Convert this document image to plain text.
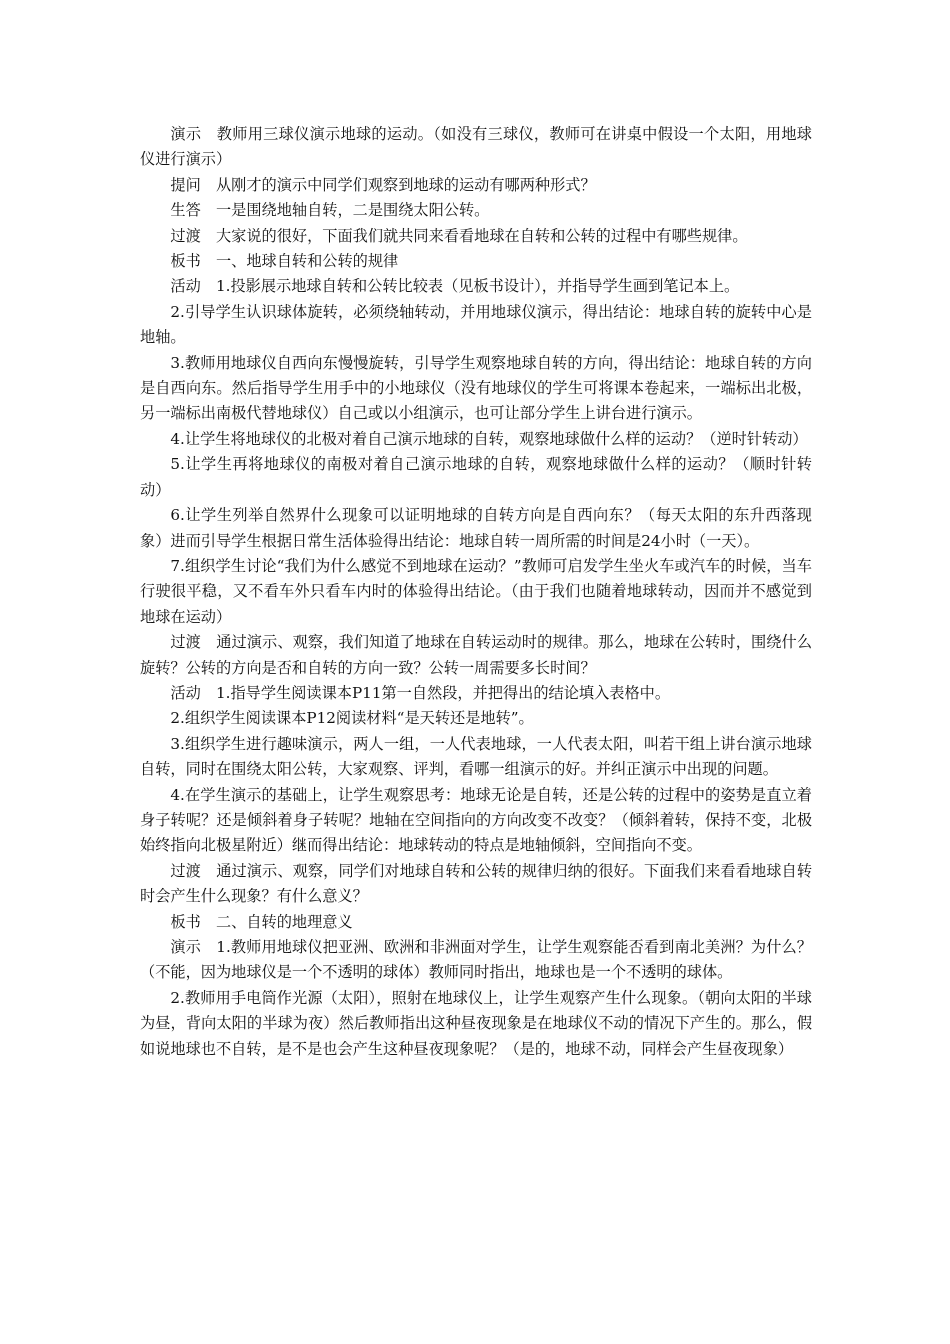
演示　教师用三球仪演示地球的运动。（如没有三球仪，教师可在讲桌中假设一个太阳，用地球仪进行演示）

提问　从刚才的演示中同学们观察到地球的运动有哪两种形式？

生答　一是围绕地轴自转，二是围绕太阳公转。

过渡　大家说的很好，下面我们就共同来看看地球在自转和公转的过程中有哪些规律。

板书　一、地球自转和公转的规律

活动　1.投影展示地球自转和公转比较表（见板书设计），并指导学生画到笔记本上。

2.引导学生认识球体旋转，必须绕轴转动，并用地球仪演示，得出结论：地球自转的旋转中心是地轴。

3.教师用地球仪自西向东慢慢旋转，引导学生观察地球自转的方向，得出结论：地球自转的方向是自西向东。然后指导学生用手中的小地球仪（没有地球仪的学生可将课本卷起来，一端标出北极，另一端标出南极代替地球仪）自己或以小组演示，也可让部分学生上讲台进行演示。

4.让学生将地球仪的北极对着自己演示地球的自转，观察地球做什么样的运动？（逆时针转动）

5.让学生再将地球仪的南极对着自己演示地球的自转，观察地球做什么样的运动？（顺时针转动）

6.让学生列举自然界什么现象可以证明地球的自转方向是自西向东？（每天太阳的东升西落现象）进而引导学生根据日常生活体验得出结论：地球自转一周所需的时间是24小时（一天）。

7.组织学生讨论“我们为什么感觉不到地球在运动？”教师可启发学生坐火车或汽车的时候，当车行驶很平稳，又不看车外只看车内时的体验得出结论。（由于我们也随着地球转动，因而并不感觉到地球在运动）

过渡　通过演示、观察，我们知道了地球在自转运动时的规律。那么，地球在公转时，围绕什么旋转？公转的方向是否和自转的方向一致？公转一周需要多长时间？

活动　1.指导学生阅读课本P11第一自然段，并把得出的结论填入表格中。

2.组织学生阅读课本P12阅读材料“是天转还是地转”。

3.组织学生进行趣味演示，两人一组，一人代表地球，一人代表太阳，叫若干组上讲台演示地球自转，同时在围绕太阳公转，大家观察、评判，看哪一组演示的好。并纠正演示中出现的问题。

4.在学生演示的基础上，让学生观察思考：地球无论是自转，还是公转的过程中的姿势是直立着身子转呢？还是倾斜着身子转呢？地轴在空间指向的方向改变不改变？（倾斜着转，保持不变，北极始终指向北极星附近）继而得出结论：地球转动的特点是地轴倾斜，空间指向不变。

过渡　通过演示、观察，同学们对地球自转和公转的规律归纳的很好。下面我们来看看地球自转时会产生什么现象？有什么意义？

板书　二、自转的地理意义

演示　1.教师用地球仪把亚洲、欧洲和非洲面对学生，让学生观察能否看到南北美洲？为什么？（不能，因为地球仪是一个不透明的球体）教师同时指出，地球也是一个不透明的球体。

2.教师用手电筒作光源（太阳），照射在地球仪上，让学生观察产生什么现象。（朝向太阳的半球为昼，背向太阳的半球为夜）然后教师指出这种昼夜现象是在地球仪不动的情况下产生的。那么，假如说地球也不自转，是不是也会产生这种昼夜现象呢？（是的，地球不动，同样会产生昼夜现象）
